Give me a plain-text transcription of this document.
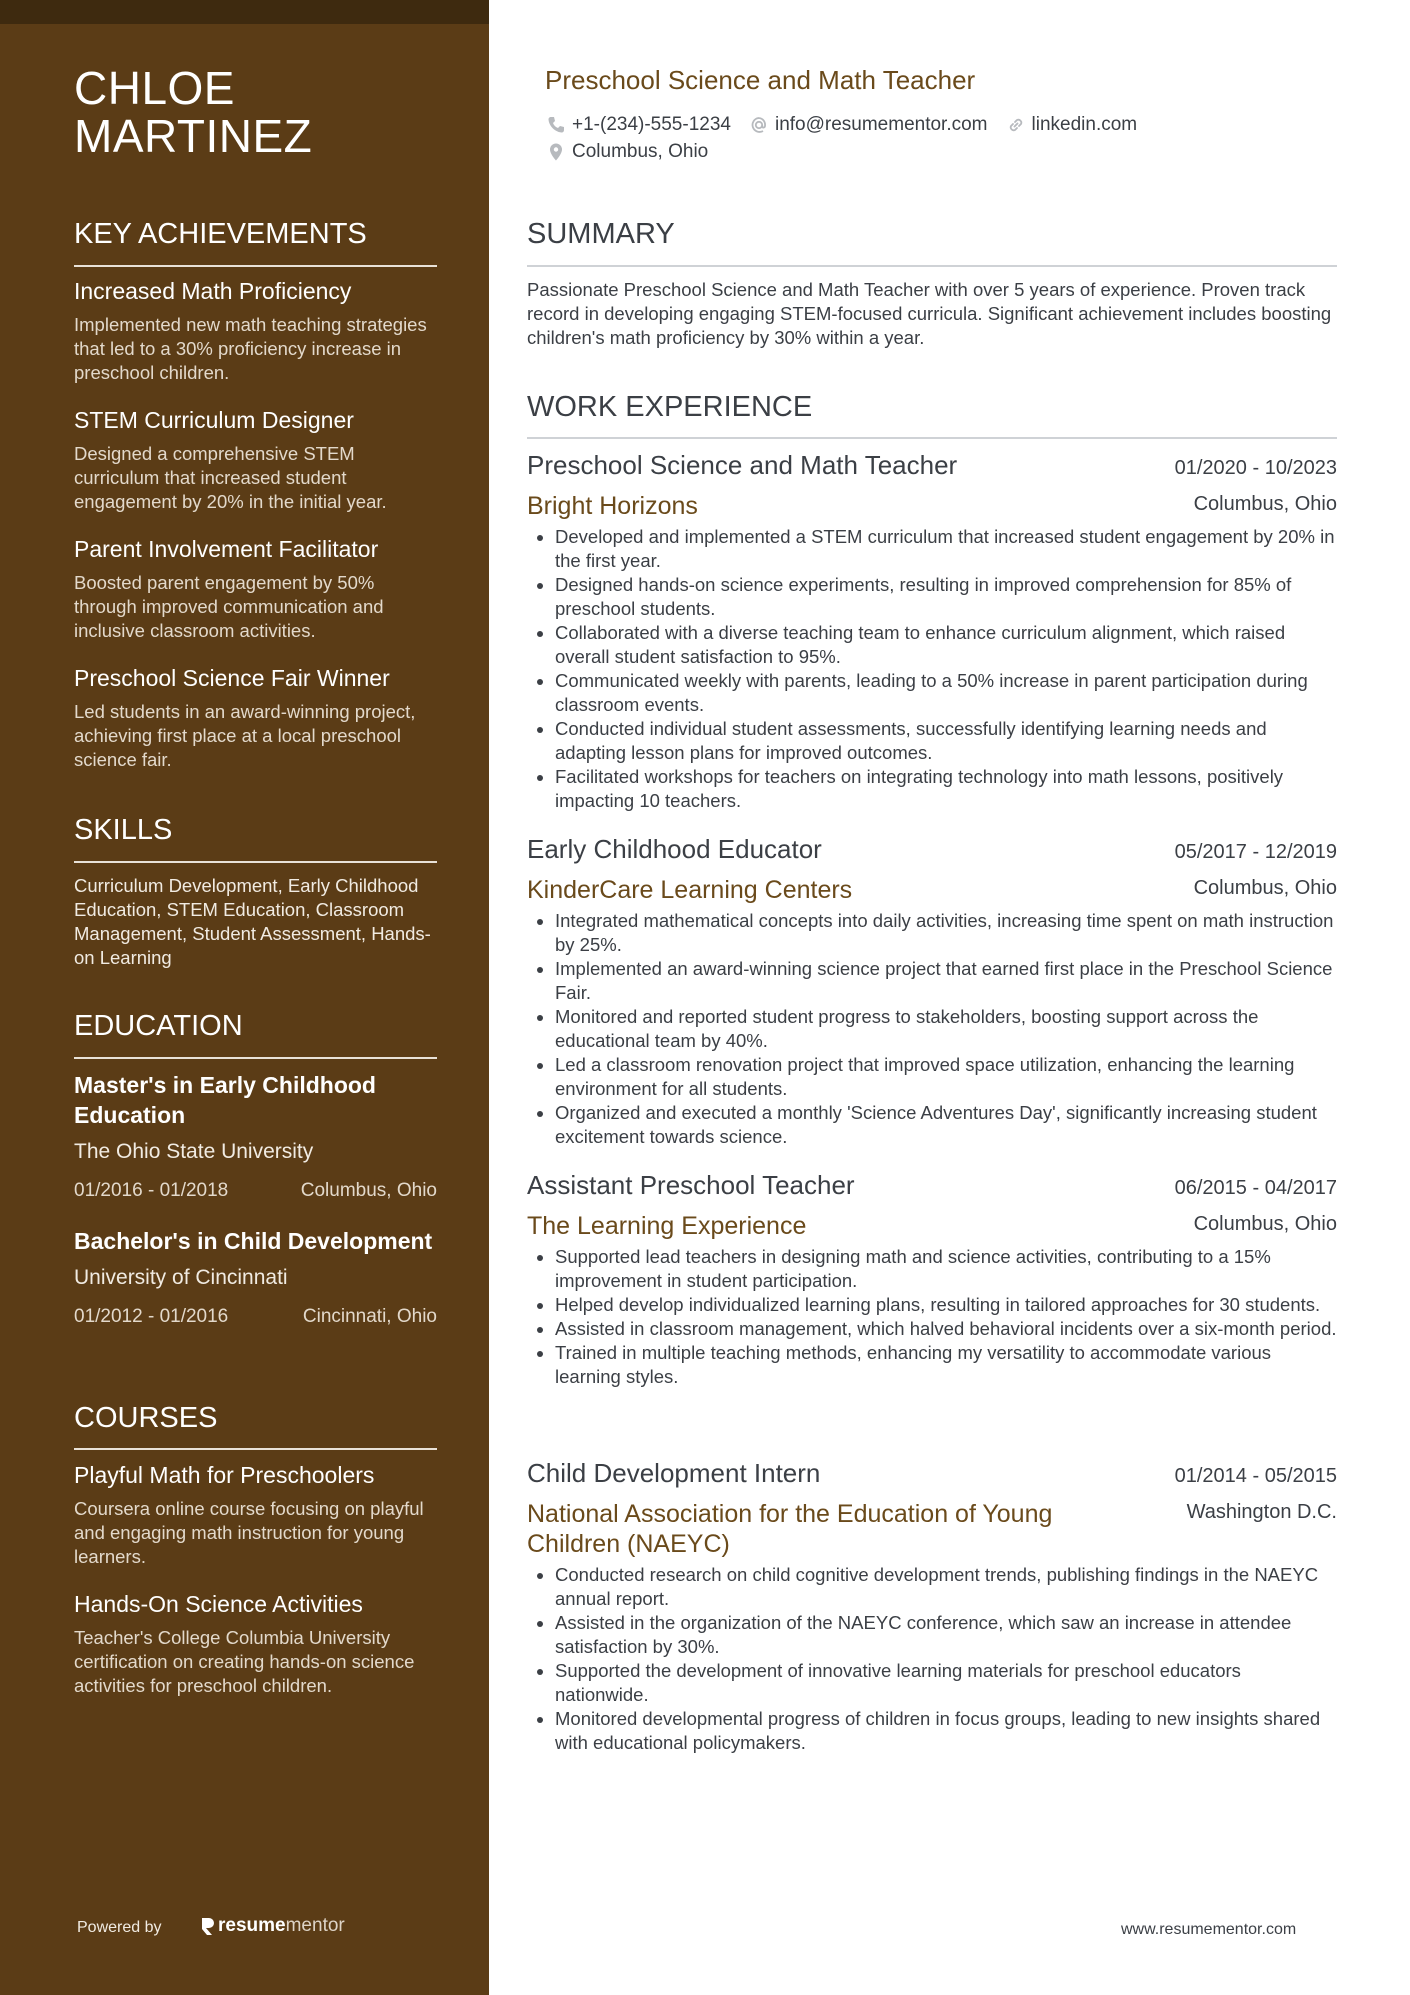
CHLOE
MARTINEZ
KEY ACHIEVEMENTS
Increased Math Proficiency
Implemented new math teaching strategies that led to a 30% proficiency increase in preschool children.
STEM Curriculum Designer
Designed a comprehensive STEM curriculum that increased student engagement by 20% in the initial year.
Parent Involvement Facilitator
Boosted parent engagement by 50% through improved communication and inclusive classroom activities.
Preschool Science Fair Winner
Led students in an award-winning project, achieving first place at a local preschool science fair.
SKILLS
Curriculum Development, Early Childhood Education, STEM Education, Classroom Management, Student Assessment, Hands-on Learning
EDUCATION
Master's in Early Childhood Education
The Ohio State University
01/2016 - 01/2018	Columbus, Ohio
Bachelor's in Child Development
University of Cincinnati
01/2012 - 01/2016	Cincinnati, Ohio
COURSES
Playful Math for Preschoolers
Coursera online course focusing on playful and engaging math instruction for young learners.
Hands-On Science Activities
Teacher's College Columbia University certification on creating hands-on science activities for preschool children.
Powered by	resume mentor
Preschool Science and Math Teacher
+1-(234)-555-1234 info@resumementor.com linkedin.com
Columbus, Ohio
SUMMARY
Passionate Preschool Science and Math Teacher with over 5 years of experience. Proven track record in developing engaging STEM-focused curricula. Significant achievement includes boosting children's math proficiency by 30% within a year.
WORK EXPERIENCE
Preschool Science and Math Teacher	01/2020 - 10/2023
Bright Horizons	Columbus, Ohio
• Developed and implemented a STEM curriculum that increased student engagement by 20% in the first year.
• Designed hands-on science experiments, resulting in improved comprehension for 85% of preschool students.
• Collaborated with a diverse teaching team to enhance curriculum alignment, which raised overall student satisfaction to 95%.
• Communicated weekly with parents, leading to a 50% increase in parent participation during classroom events.
• Conducted individual student assessments, successfully identifying learning needs and adapting lesson plans for improved outcomes.
• Facilitated workshops for teachers on integrating technology into math lessons, positively impacting 10 teachers.
Early Childhood Educator	05/2017 - 12/2019
KinderCare Learning Centers	Columbus, Ohio
• Integrated mathematical concepts into daily activities, increasing time spent on math instruction by 25%.
• Implemented an award-winning science project that earned first place in the Preschool Science Fair.
• Monitored and reported student progress to stakeholders, boosting support across the educational team by 40%.
• Led a classroom renovation project that improved space utilization, enhancing the learning environment for all students.
• Organized and executed a monthly 'Science Adventures Day', significantly increasing student excitement towards science.
Assistant Preschool Teacher	06/2015 - 04/2017
The Learning Experience	Columbus, Ohio
• Supported lead teachers in designing math and science activities, contributing to a 15% improvement in student participation.
• Helped develop individualized learning plans, resulting in tailored approaches for 30 students.
• Assisted in classroom management, which halved behavioral incidents over a six-month period.
• Trained in multiple teaching methods, enhancing my versatility to accommodate various learning styles.
Child Development Intern	01/2014 - 05/2015
National Association for the Education of Young Children (NAEYC)
Washington D.C.
• Conducted research on child cognitive development trends, publishing findings in the NAEYC annual report.
• Assisted in the organization of the NAEYC conference, which saw an increase in attendee satisfaction by 30%.
• Supported the development of innovative learning materials for preschool educators nationwide.
• Monitored developmental progress of children in focus groups, leading to new insights shared with educational policymakers.
www.resumementor.com
